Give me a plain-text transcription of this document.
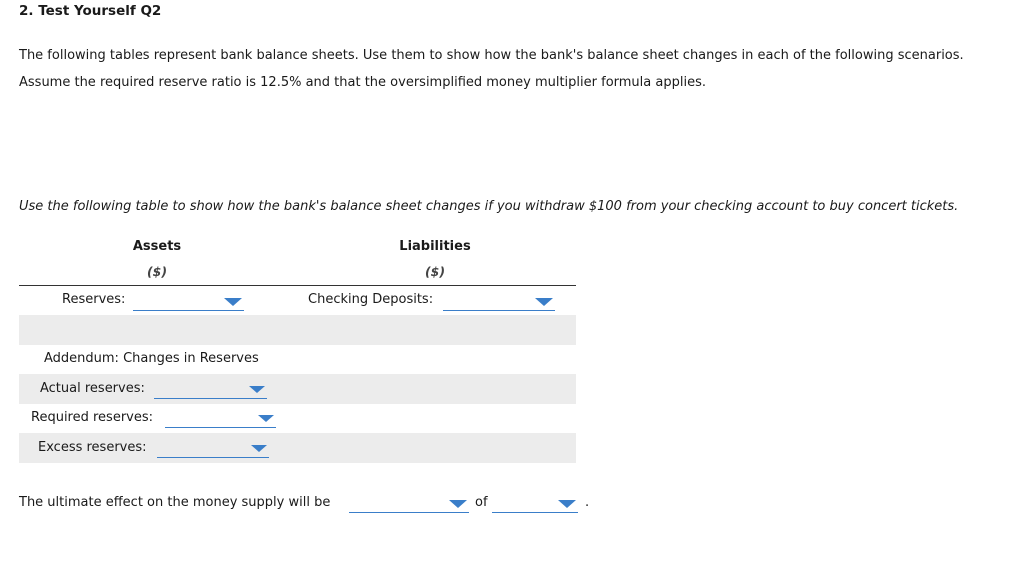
2. Test Yourself Q2
The following tables represent bank balance sheets. Use them to show how the bank's balance sheet changes in each of the following scenarios.
Assume the required reserve ratio is 12.5% and that the oversimplified money multiplier formula applies.
Use the following table to show how the bank's balance sheet changes if you withdraw $100 from your checking account to buy concert tickets.
Assets
($)
Liabilities
($)
Reserves:	Checking Deposits:
Addendum: Changes in Reserves
Actual reserves:
Required reserves:
Excess reserves:
The ultimate effect on the money supply will be	of	.
